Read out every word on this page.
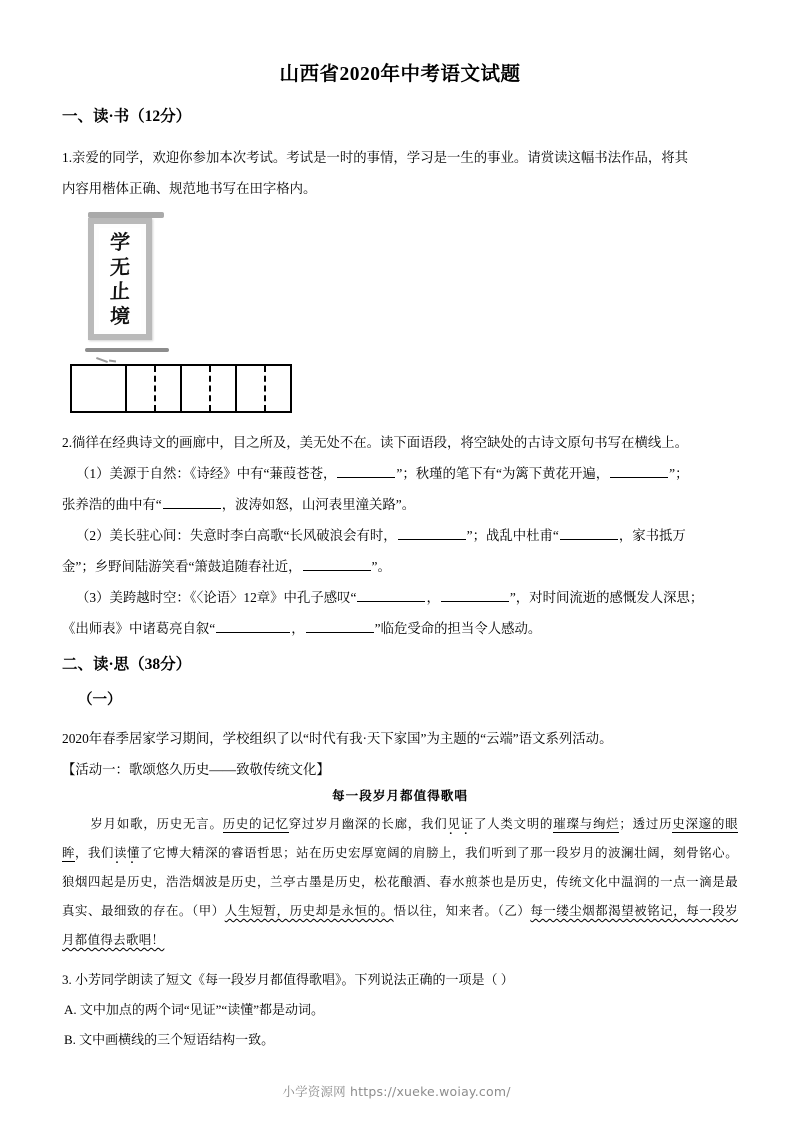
山西省2020年中考语文试题
一、读·书（12分）

1.亲爱的同学，欢迎你参加本次考试。考试是一时的事情，学习是一生的事业。请赏读这幅书法作品，将其

内容用楷体正确、规范地书写在田字格内。

学
无
止
境

2.徜徉在经典诗文的画廊中，目之所及，美无处不在。读下面语段，将空缺处的古诗文原句书写在横线上。

（1）美源于自然：《诗经》中有“蒹葭苍苍，	”；秋瑾的笔下有“为篱下黄花开遍，	”；

张养浩的曲中有“	，波涛如怒，山河表里潼关路”。

（2）美长驻心间：失意时李白高歌“长风破浪会有时，	”；战乱中杜甫“	，家书抵万

金”；乡野间陆游笑看“箫鼓追随春社近，	”。

（3）美跨越时空：《〈论语〉12章》中孔子感叹“	，	”，对时间流逝的感慨发人深思；

《出师表》中诸葛亮自叙“	，	”临危受命的担当令人感动。

二、读·思（38分）
（一）

2020年春季居家学习期间，学校组织了以“时代有我·天下家国”为主题的“云端”语文系列活动。

【活动一：歌颂悠久历史——致敬传统文化】

每一段岁月都值得歌唱

岁月如歌，历史无言。历史的记忆穿过岁月幽深的长廊，我们见证 ··了人类文明的璀璨与绚烂；透过历史深邃的眼眸，我们读懂 ··了它博大精深的睿语哲思；站在历史宏厚宽阔的肩膀上，我们听到了那一段岁月的波澜壮阔，刻骨铭心。狼烟四起是历史，浩浩烟波是历史，兰亭古墨是历史，松花酿酒、春水煎茶也是历史，传统文化中温润的一点一滴是最真实、最细致的存在。（甲）人生短暂，历史却是永恒的。悟以往，知来者。（乙）每一缕尘烟都渴望被铭记，每一段岁月都值得去歌唱！

3. 小芳同学朗读了短文《每一段岁月都值得歌唱》。下列说法正确的一项是（ ）

A. 文中加点的两个词“见证”“读懂”都是动词。

B. 文中画横线的三个短语结构一致。

小学资源网 https://xueke.woiay.com/
